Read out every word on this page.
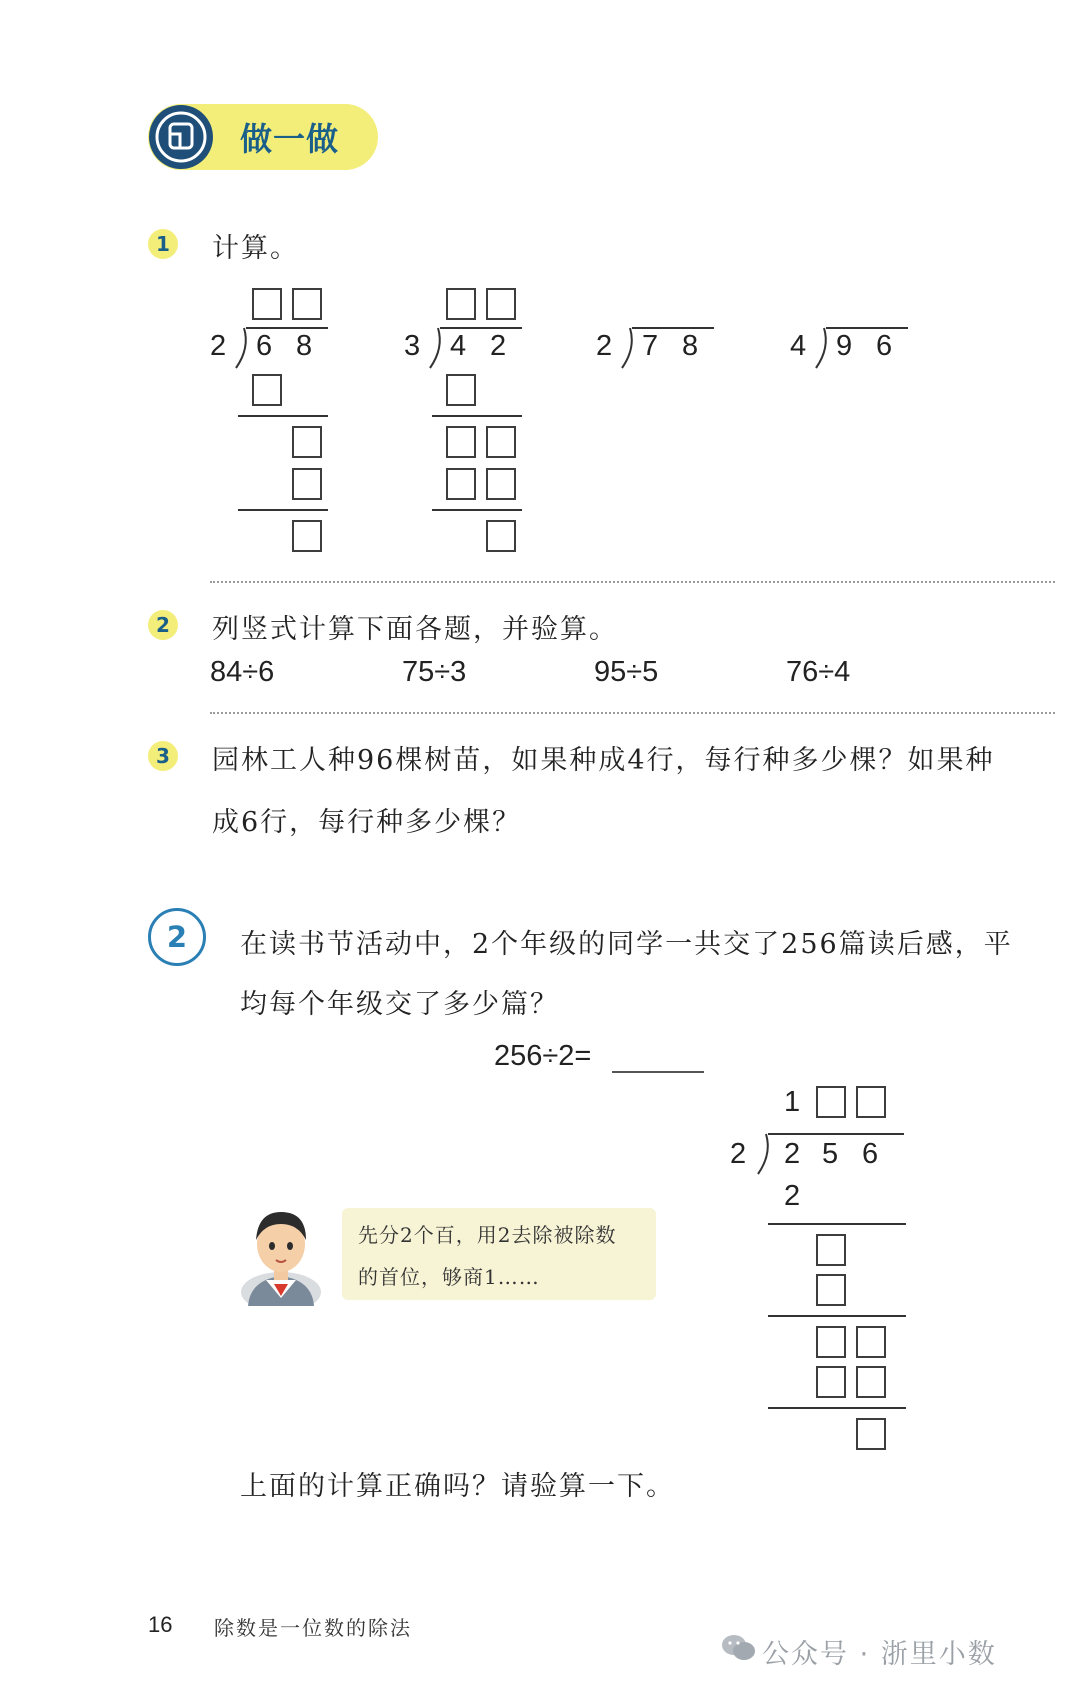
做一做
1 计算。
2 6 8	3 4 2	2 7 8	4 9 6
2 列竖式计算下面各题，并验算。
84÷6	75÷3	95÷5	76÷4
3 园林工人种96棵树苗，如果种成4行，每行种多少棵？如果种
成6行，每行种多少棵？
2	在读书节活动中，2个年级的同学一共交了256篇读后感，平
均每个年级交了多少篇？
256÷2=
1
2 2 5 6
2
先分2个百，用2去除被除数
的首位，够商1……
上面的计算正确吗？请验算一下。
16 除数是一位数的除法
公众号 · 浙里小数
